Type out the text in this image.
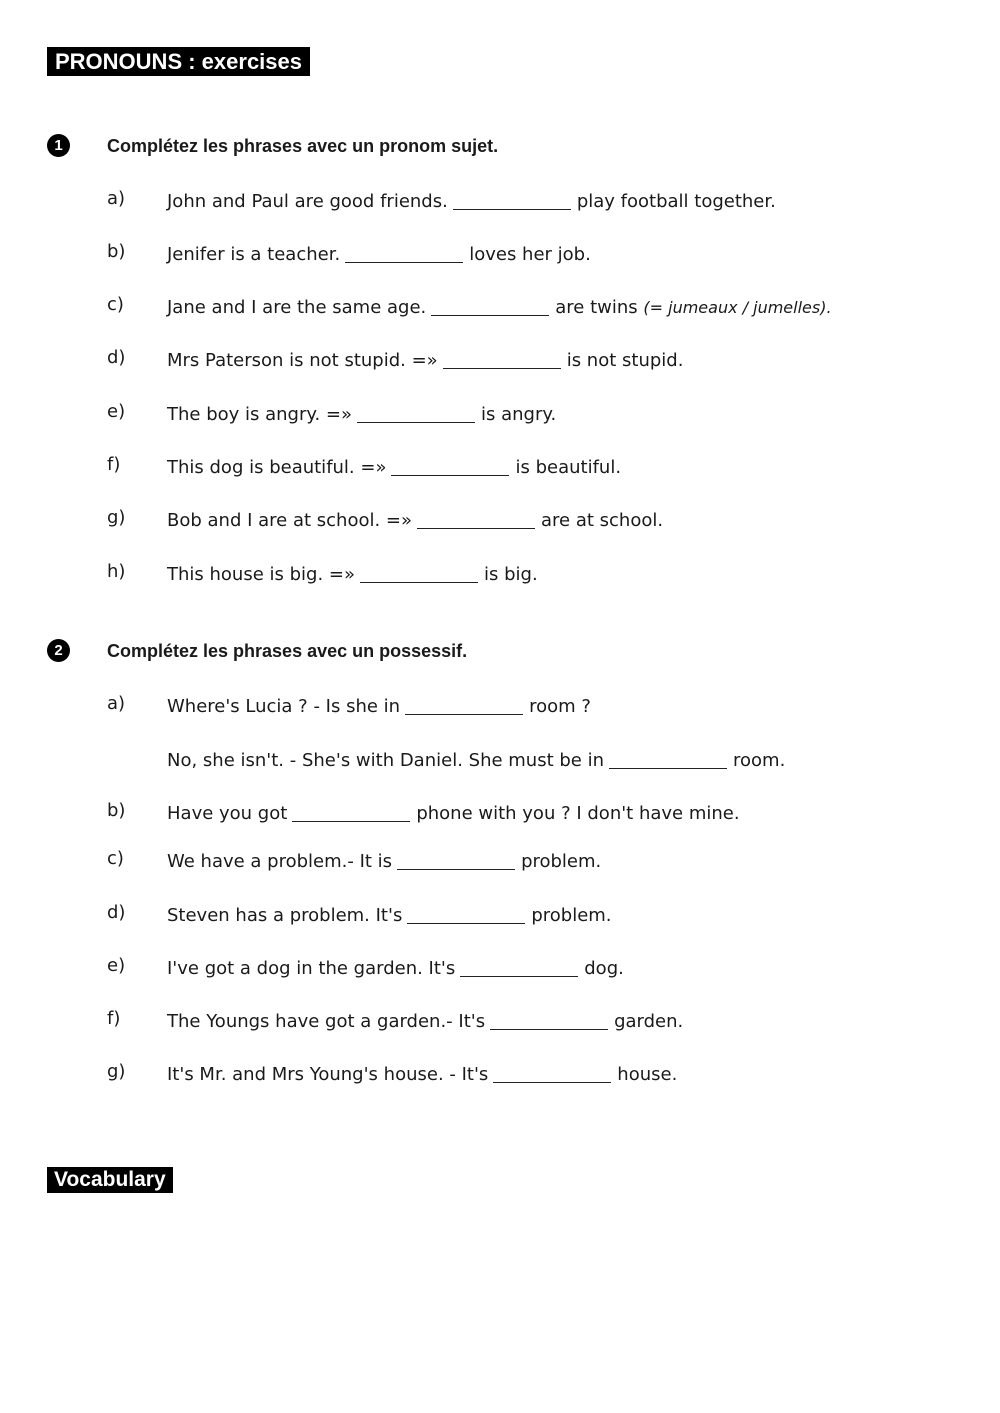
PRONOUNS : exercises
1	Complétez les phrases avec un pronom sujet.
a) John and Paul are good friends.	play football together.
b) Jenifer is a teacher.	loves her job.
c) Jane and I are the same age.	are twins (= jumeaux / jumelles).
d) Mrs Paterson is not stupid. =»	is not stupid.
e) The boy is angry. =»	is angry.
f)	This dog is beautiful. =»	is beautiful.
g) Bob and I are at school. =»	are at school.
h) This house is big. =»	is big.
2	Complétez les phrases avec un possessif.
a) Where's Lucia ? - Is she in	room ?
No, she isn't. - She's with Daniel. She must be in	room.
b) Have you got	phone with you ? I don't have mine.
c) We have a problem.- It is	problem.
d) Steven has a problem. It's	problem.
e) I've got a dog in the garden. It's	dog.
f)	The Youngs have got a garden.- It's	garden.
g) It's Mr. and Mrs Young's house. - It's	house.
Vocabulary
